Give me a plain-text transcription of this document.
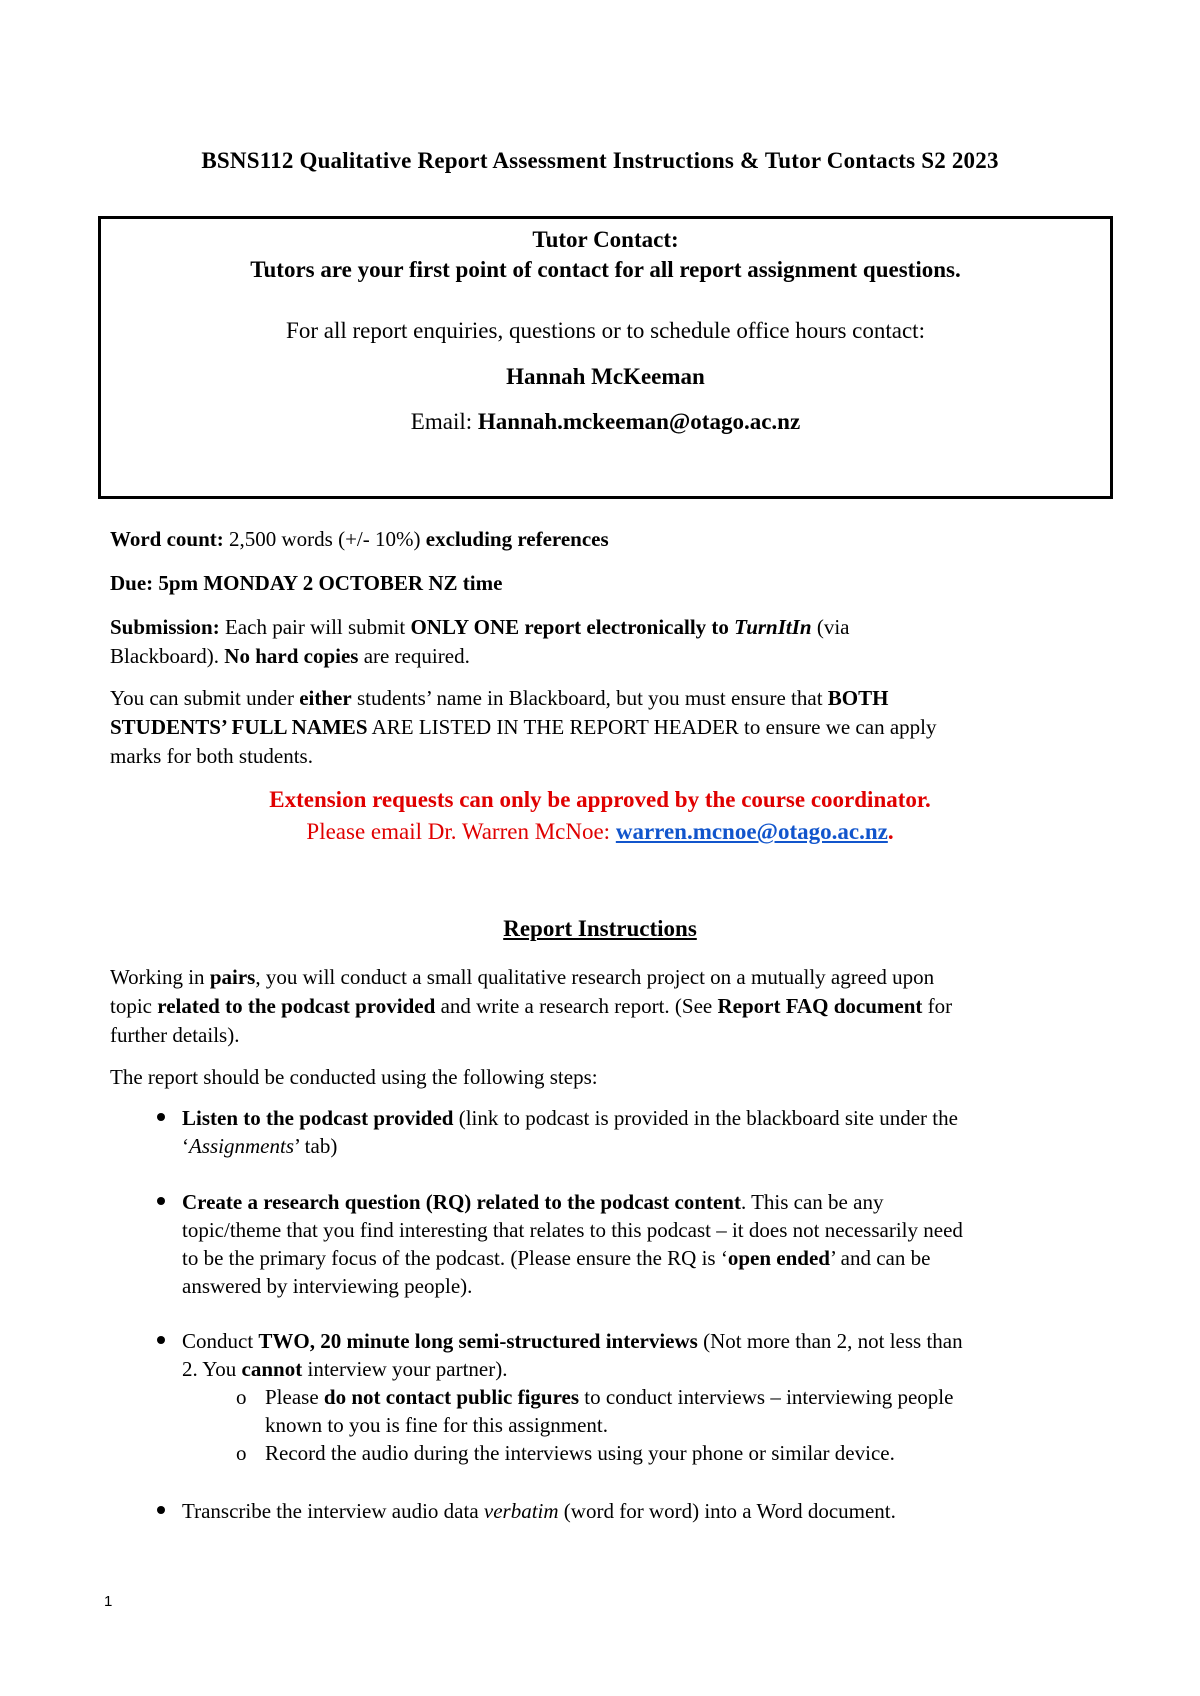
BSNS112 Qualitative Report Assessment Instructions & Tutor Contacts S2 2023
Tutor Contact:
Tutors are your first point of contact for all report assignment questions.
For all report enquiries, questions or to schedule office hours contact:
Hannah McKeeman
Email: Hannah.mckeeman@otago.ac.nz
Word count: 2,500 words (+/- 10%) excluding references
Due: 5pm MONDAY 2 OCTOBER NZ time
Submission: Each pair will submit ONLY ONE report electronically to TurnItIn (via
Blackboard). No hard copies are required.
You can submit under either students’ name in Blackboard, but you must ensure that BOTH
STUDENTS’ FULL NAMES ARE LISTED IN THE REPORT HEADER to ensure we can apply
marks for both students.
Extension requests can only be approved by the course coordinator.
Please email Dr. Warren McNoe: warren.mcnoe@otago.ac.nz.
Report Instructions
Working in pairs, you will conduct a small qualitative research project on a mutually agreed upon
topic related to the podcast provided and write a research report. (See Report FAQ document for
further details).
The report should be conducted using the following steps:
Listen to the podcast provided (link to podcast is provided in the blackboard site under the
‘Assignments’ tab)
Create a research question (RQ) related to the podcast content. This can be any
topic/theme that you find interesting that relates to this podcast – it does not necessarily need
to be the primary focus of the podcast. (Please ensure the RQ is ‘open ended’ and can be
answered by interviewing people).
Conduct TWO, 20 minute long semi-structured interviews (Not more than 2, not less than
2. You cannot interview your partner).
o Please do not contact public figures to conduct interviews – interviewing people
known to you is fine for this assignment.
o Record the audio during the interviews using your phone or similar device.
Transcribe the interview audio data verbatim (word for word) into a Word document.
1
